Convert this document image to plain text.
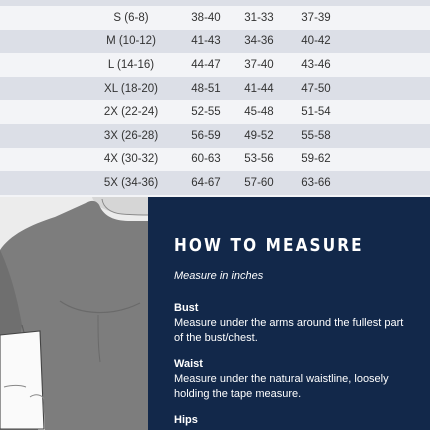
S (6-8)	38-40	31-33	37-39
M (10-12)	41-43	34-36	40-42
L (14-16)	44-47	37-40	43-46
XL (18-20)	48-51	41-44	47-50
2X (22-24)	52-55	45-48	51-54
3X (26-28)	56-59	49-52	55-58
4X (30-32)	60-63	53-56	59-62
5X (34-36)	64-67	57-60	63-66
HOW TO MEASURE
Measure in inches
Bust
Measure under the arms around the fullest part of the bust/chest.
Waist
Measure under the natural waistline, loosely holding the tape measure.
Hips
